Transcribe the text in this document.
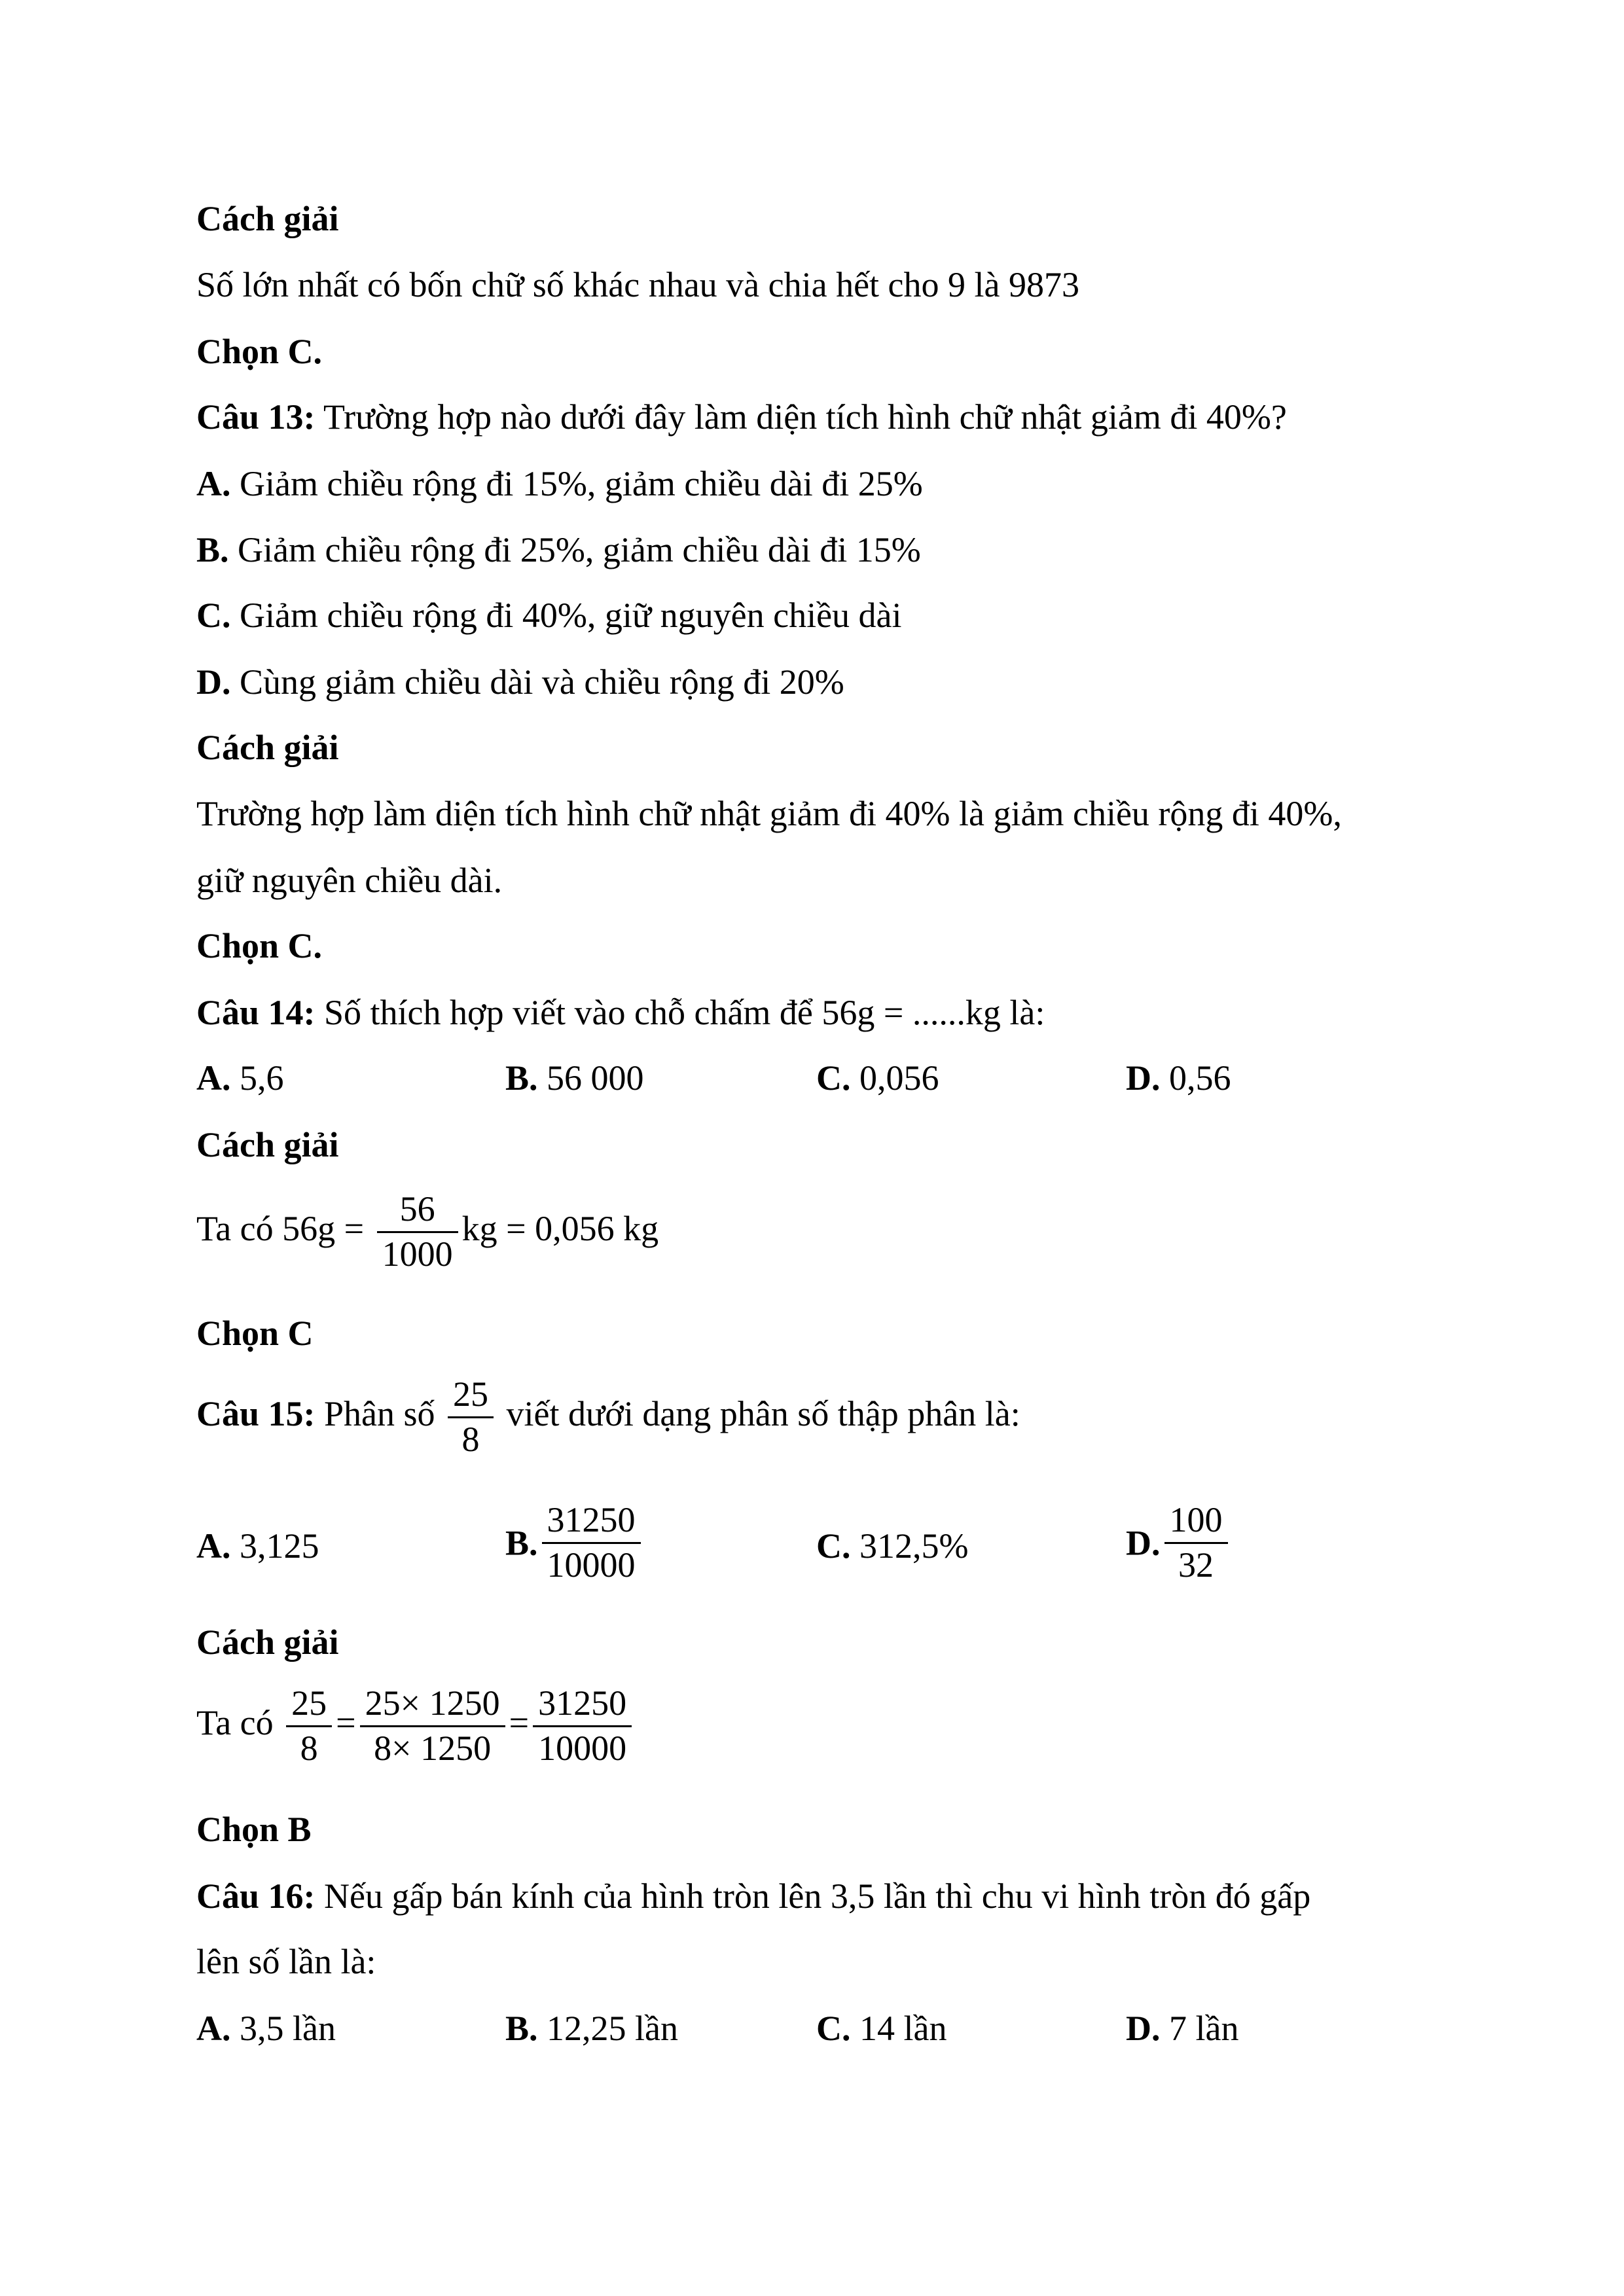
Cách giải
Số lớn nhất có bốn chữ số khác nhau và chia hết cho 9 là 9873
Chọn C.
Câu 13: Trường hợp nào dưới đây làm diện tích hình chữ nhật giảm đi 40%?
A. Giảm chiều rộng đi 15%, giảm chiều dài đi 25%
B. Giảm chiều rộng đi 25%, giảm chiều dài đi 15%
C. Giảm chiều rộng đi 40%, giữ nguyên chiều dài
D. Cùng giảm chiều dài và chiều rộng đi 20%
Cách giải
Trường hợp làm diện tích hình chữ nhật giảm đi 40% là giảm chiều rộng đi 40%,
giữ nguyên chiều dài.
Chọn C.
Câu 14: Số thích hợp viết vào chỗ chấm để 56g = ......kg là:
A. 5,6	B. 56 000	C. 0,056	D. 0,56
Cách giải
Ta có $56g = \frac{56}{1000}$ kg = 0,056 kg
Chọn C
Câu 15: Phân số $\frac{25}{8}$ viết dưới dạng phân số thập phân là:
A. 3,125	B. $\frac{31250}{10000}$	C. 312,5%	D. $\frac{100}{32}$
Cách giải
Ta có $\frac{25}{8} = \frac{25\times 1250}{8\times 1250} = \frac{31250}{10000}$
Chọn B
Câu 16: Nếu gấp bán kính của hình tròn lên 3,5 lần thì chu vi hình tròn đó gấp
lên số lần là:
A. 3,5 lần	B. 12,25 lần	C. 14 lần	D. 7 lần
